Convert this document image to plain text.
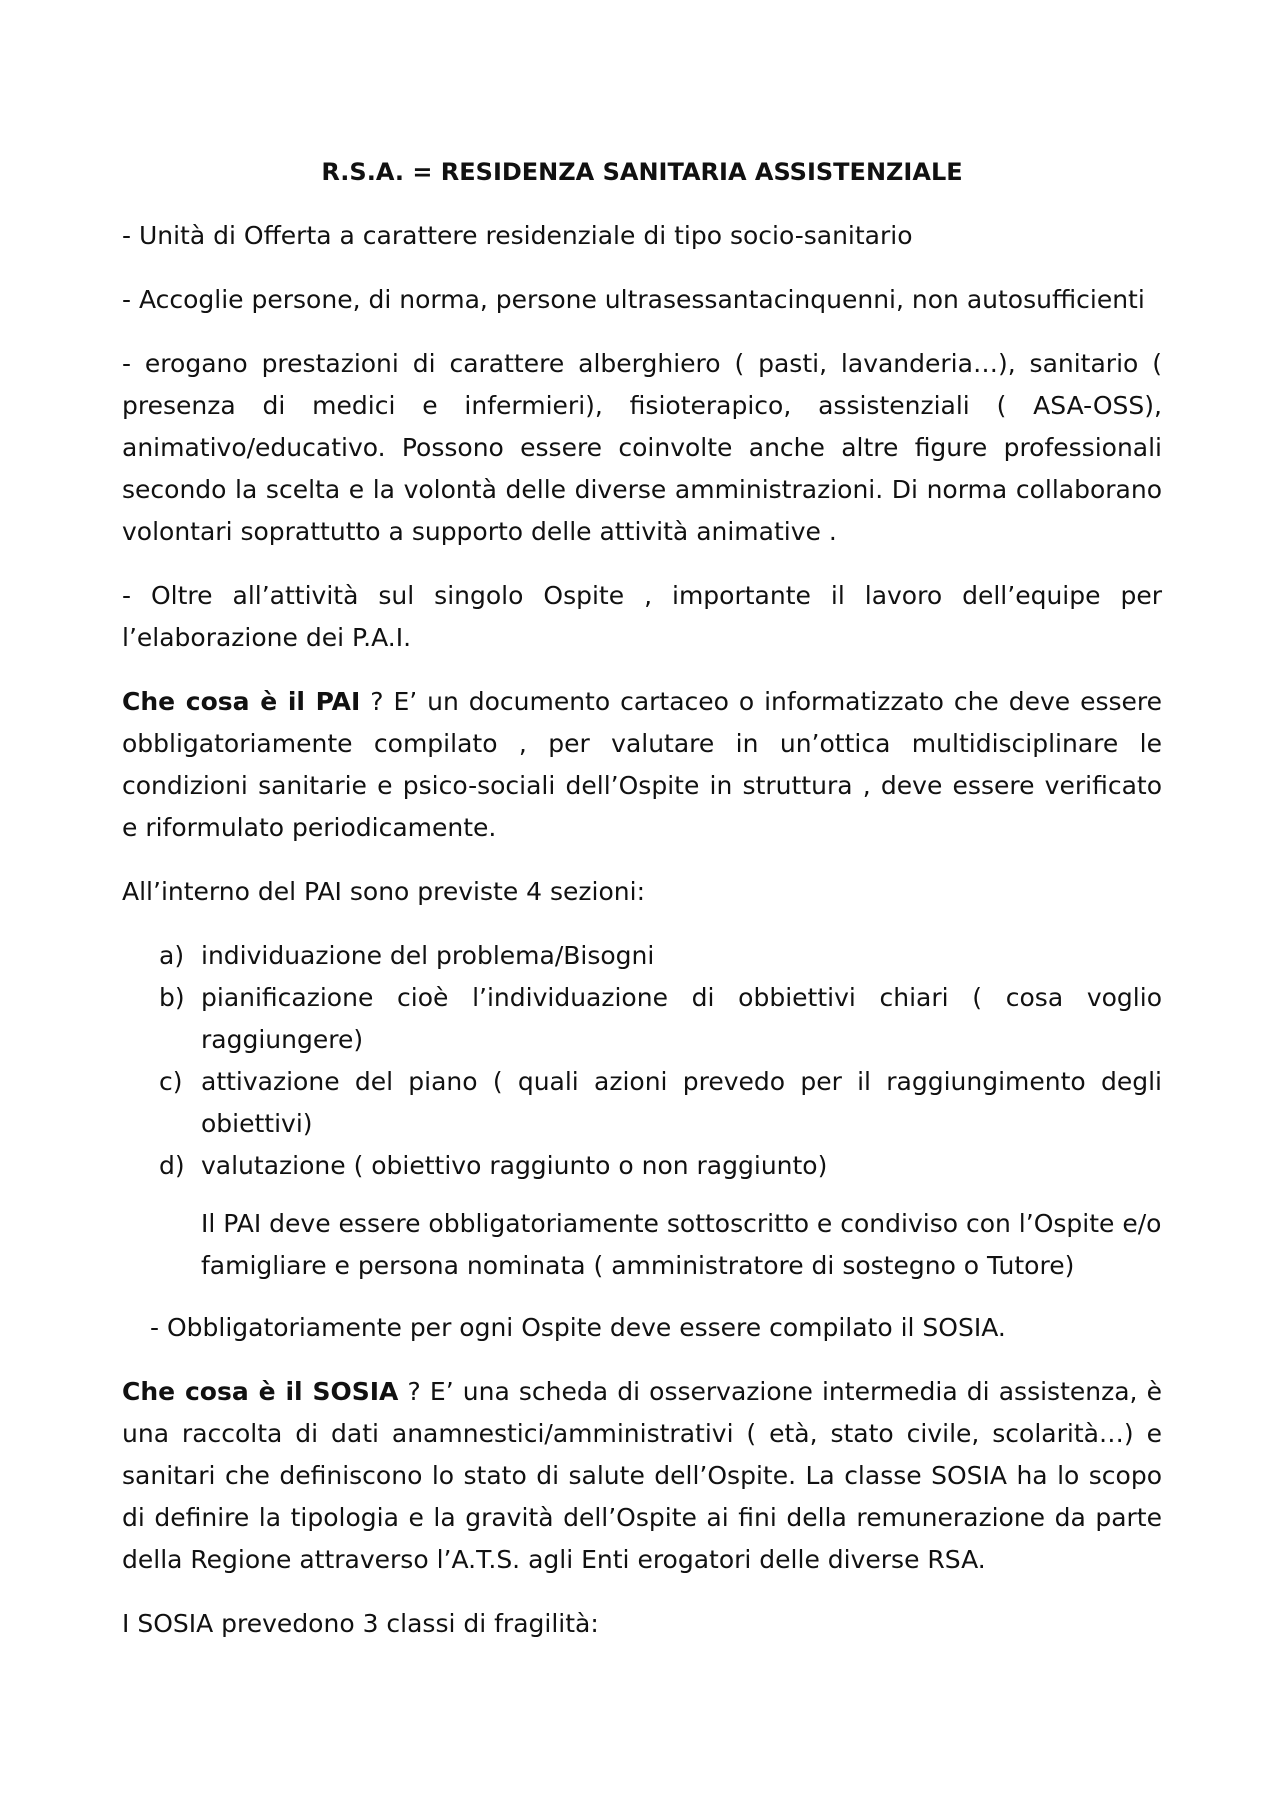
R.S.A. = RESIDENZA SANITARIA ASSISTENZIALE

- Unità di Offerta a carattere residenziale di tipo socio-sanitario

- Accoglie persone, di norma, persone ultrasessantacinquenni, non autosufficienti

- erogano prestazioni di carattere alberghiero ( pasti, lavanderia…), sanitario ( presenza di medici e infermieri), fisioterapico, assistenziali ( ASA-OSS), animativo/educativo. Possono essere coinvolte anche altre figure professionali secondo la scelta e la volontà delle diverse amministrazioni. Di norma collaborano volontari soprattutto a supporto delle attività animative .

- Oltre all’attività sul singolo Ospite , importante il lavoro dell’equipe per l’elaborazione dei P.A.I.

Che cosa è il PAI ? E’ un documento cartaceo o informatizzato che deve essere obbligatoriamente compilato , per valutare in un’ottica multidisciplinare le condizioni sanitarie e psico-sociali dell’Ospite in struttura , deve essere verificato e riformulato periodicamente.

All’interno del PAI sono previste 4 sezioni:

a) individuazione del problema/Bisogni
b) pianificazione cioè l’individuazione di obbiettivi chiari ( cosa voglio raggiungere)
c) attivazione del piano ( quali azioni prevedo per il raggiungimento degli obiettivi)
d) valutazione ( obiettivo raggiunto o non raggiunto)
Il PAI deve essere obbligatoriamente sottoscritto e condiviso con l’Ospite e/o famigliare e persona nominata ( amministratore di sostegno o Tutore)
- Obbligatoriamente per ogni Ospite deve essere compilato il SOSIA.

Che cosa è il SOSIA ? E’ una scheda di osservazione intermedia di assistenza, è una raccolta di dati anamnestici/amministrativi ( età, stato civile, scolarità…) e sanitari che definiscono lo stato di salute dell’Ospite. La classe SOSIA ha lo scopo di definire la tipologia e la gravità dell’Ospite ai fini della remunerazione da parte della Regione attraverso l’A.T.S. agli Enti erogatori delle diverse RSA.

I SOSIA prevedono 3 classi di fragilità:
